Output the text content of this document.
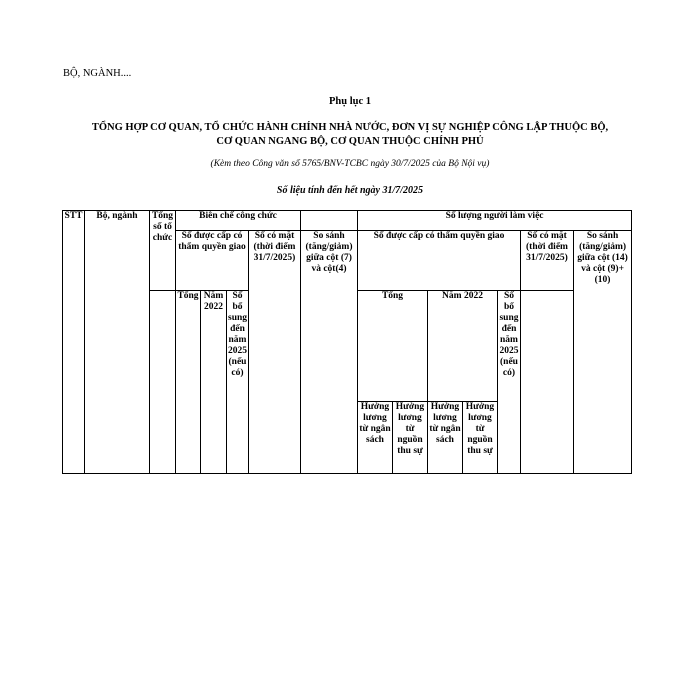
BỘ, NGÀNH....
Phụ lục 1
TỔNG HỢP CƠ QUAN, TỔ CHỨC HÀNH CHÍNH NHÀ NƯỚC, ĐƠN VỊ SỰ NGHIỆP CÔNG LẬP THUỘC BỘ,
CƠ QUAN NGANG BỘ, CƠ QUAN THUỘC CHÍNH PHỦ
(Kèm theo Công văn số 5765/BNV-TCBC ngày 30/7/2025 của Bộ Nội vụ)
Số liệu tính đến hết ngày 31/7/2025
STT	Bộ, ngành	Tổng số tổ chức	Biên chế công chức					Số lượng người làm việc						
			Số được cấp có thẩm quyền giao			Số có mặt (thời điểm 31/7/2025)	So sánh (tăng/giảm) giữa cột (7) và cột(4)	Số được cấp có thẩm quyền giao					Số có mặt (thời điểm 31/7/2025)	So sánh (tăng/giảm) giữa cột (14) và cột (9)+ (10)
			Tổng	Năm 2022	Số bổ sung đến năm 2025 (nếu có)			Tổng		Năm 2022		Số bổ sung đến năm 2025 (nếu có)		
								Hưởng lương từ ngân sách	Hưởng lương từ nguồn thu sự	Hưởng lương từ ngân sách	Hưởng lương từ nguồn thu sự			
